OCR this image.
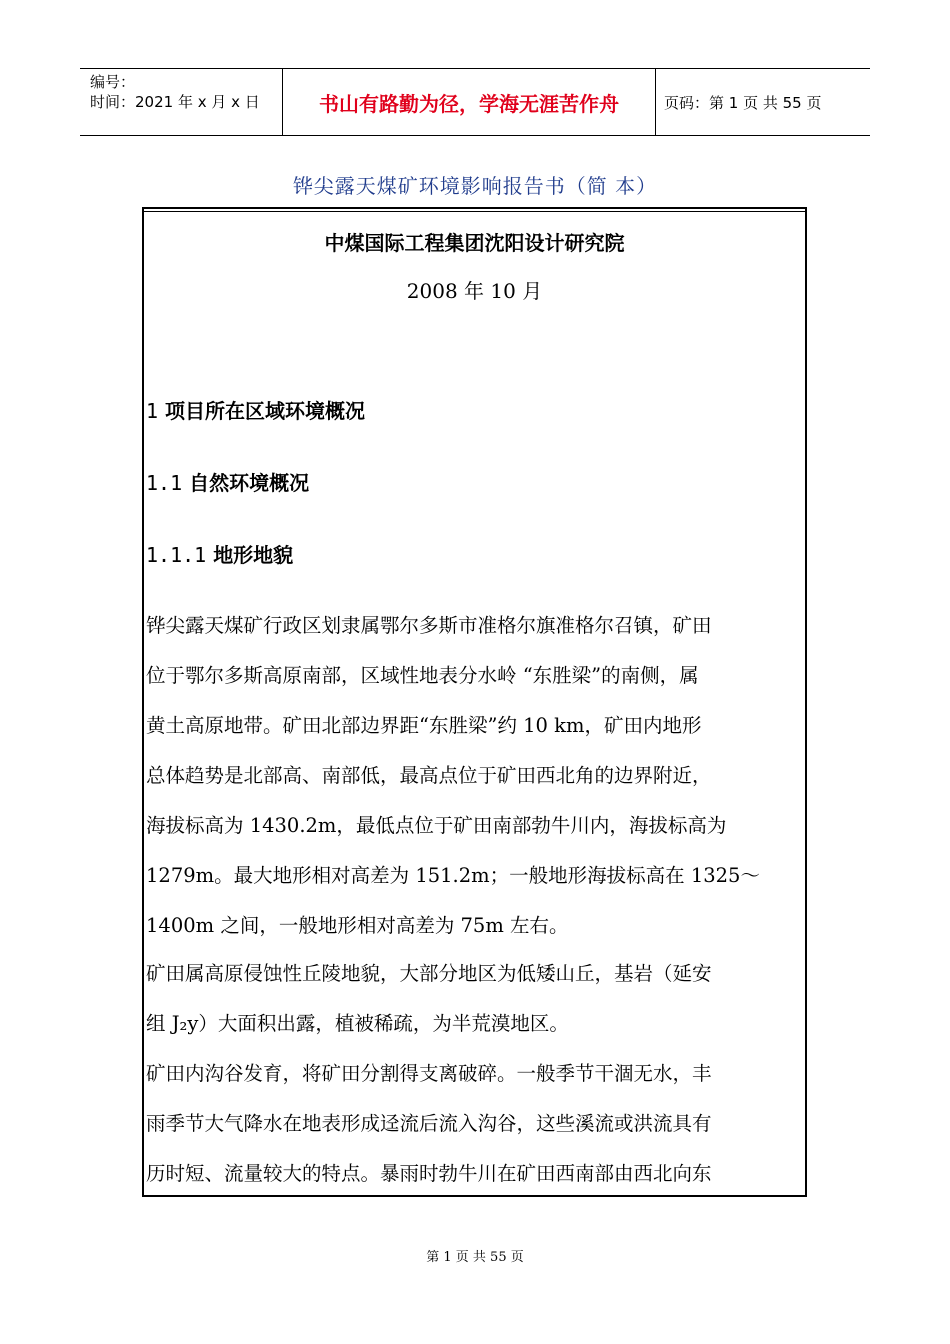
编号：
时间：2021 年 x 月 x 日	书山有路勤为径，学海无涯苦作舟	页码：第 1 页 共 55 页
铧尖露天煤矿环境影响报告书（简 本）
中煤国际工程集团沈阳设计研究院
2008 年 10 月
1 项目所在区域环境概况
1.1 自然环境概况
1.1.1 地形地貌

铧尖露天煤矿行政区划隶属鄂尔多斯市准格尔旗准格尔召镇，矿田
位于鄂尔多斯高原南部，区域性地表分水岭 “东胜梁”的南侧，属
黄土高原地带。矿田北部边界距“东胜梁”约 10 km，矿田内地形
总体趋势是北部高、南部低，最高点位于矿田西北角的边界附近，
海拔标高为 1430.2m，最低点位于矿田南部勃牛川内，海拔标高为
1279m。最大地形相对高差为 151.2m；一般地形海拔标高在 1325～
1400m 之间，一般地形相对高差为 75m 左右。

矿田属高原侵蚀性丘陵地貌，大部分地区为低矮山丘，基岩（延安
组 J₂y）大面积出露，植被稀疏，为半荒漠地区。

矿田内沟谷发育，将矿田分割得支离破碎。一般季节干涸无水，丰
雨季节大气降水在地表形成迳流后流入沟谷，这些溪流或洪流具有
历时短、流量较大的特点。暴雨时勃牛川在矿田西南部由西北向东

第 1 页 共 55 页
